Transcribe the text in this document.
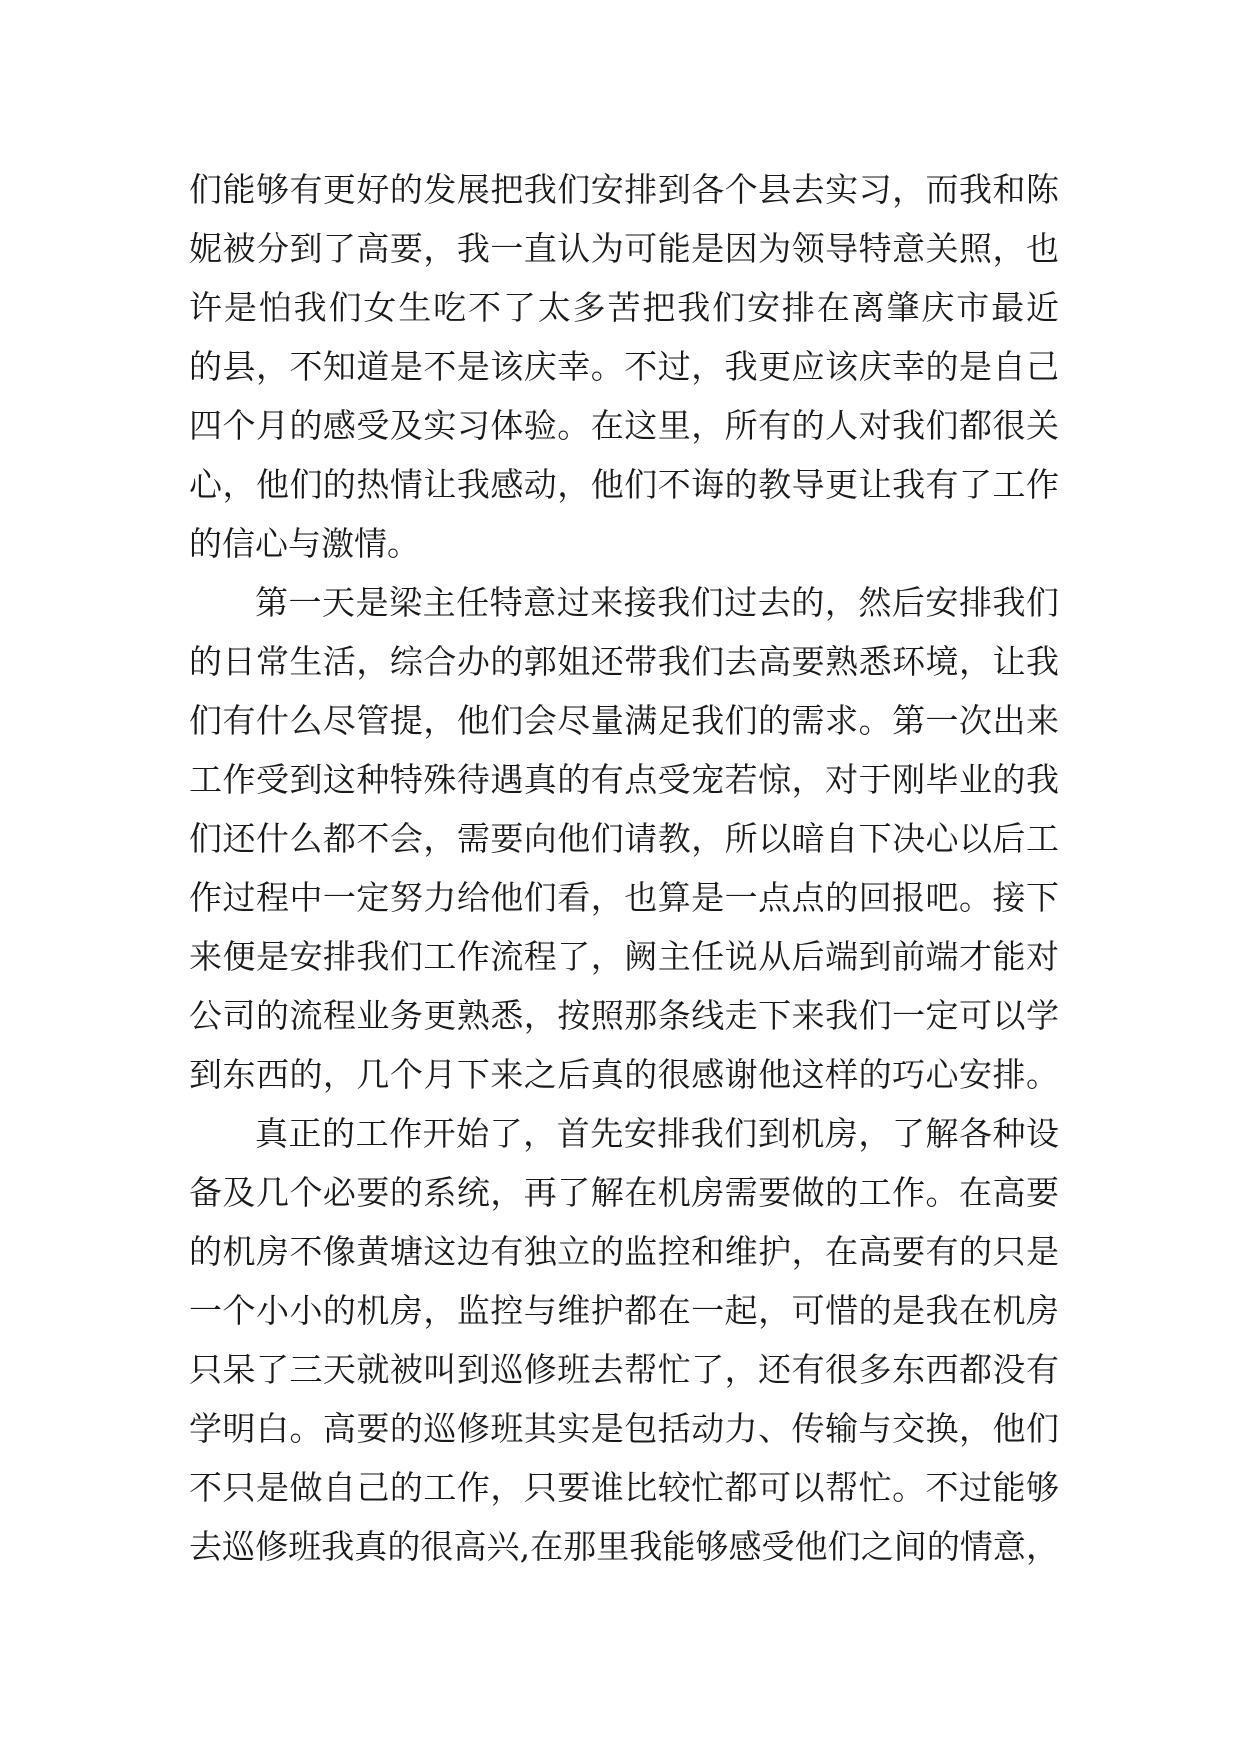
们能够有更好的发展把我们安排到各个县去实习，而我和陈
妮被分到了高要，我一直认为可能是因为领导特意关照，也
许是怕我们女生吃不了太多苦把我们安排在离肇庆市最近
的县，不知道是不是该庆幸。不过，我更应该庆幸的是自己
四个月的感受及实习体验。在这里，所有的人对我们都很关
心，他们的热情让我感动，他们不诲的教导更让我有了工作
的信心与激情。
第一天是梁主任特意过来接我们过去的，然后安排我们
的日常生活，综合办的郭姐还带我们去高要熟悉环境，让我
们有什么尽管提，他们会尽量满足我们的需求。第一次出来
工作受到这种特殊待遇真的有点受宠若惊，对于刚毕业的我
们还什么都不会，需要向他们请教，所以暗自下决心以后工
作过程中一定努力给他们看，也算是一点点的回报吧。接下
来便是安排我们工作流程了，阙主任说从后端到前端才能对
公司的流程业务更熟悉，按照那条线走下来我们一定可以学
到东西的，几个月下来之后真的很感谢他这样的巧心安排。
真正的工作开始了，首先安排我们到机房，了解各种设
备及几个必要的系统，再了解在机房需要做的工作。在高要
的机房不像黄塘这边有独立的监控和维护，在高要有的只是
一个小小的机房，监控与维护都在一起，可惜的是我在机房
只呆了三天就被叫到巡修班去帮忙了，还有很多东西都没有
学明白。高要的巡修班其实是包括动力、传输与交换，他们
不只是做自己的工作，只要谁比较忙都可以帮忙。不过能够
去巡修班我真的很高兴,在那里我能够感受他们之间的情意，
